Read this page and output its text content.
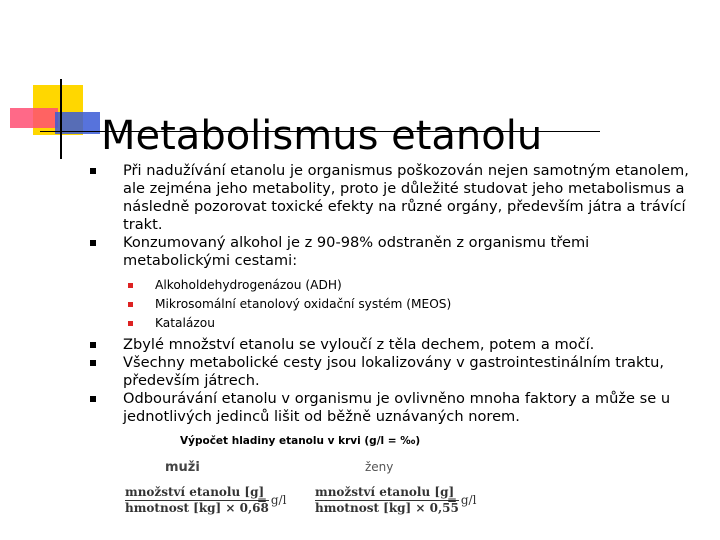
Metabolismus etanolu
Při nadužívání etanolu je organismus poškozován nejen samotným etanolem, ale zejména jeho metabolity, proto je důležité studovat jeho metabolismus a následně pozorovat toxické efekty na různé orgány, především játra a trávící trakt.
Konzumovaný alkohol je z 90-98% odstraněn z organismu třemi metabolickými cestami:
Alkoholdehydrogenázou (ADH)
Mikrosomální etanolový oxidační systém (MEOS)
Katalázou
Zbylé množství etanolu se vyloučí z těla dechem, potem a močí.
Všechny metabolické cesty jsou lokalizovány v gastrointestinálním traktu, především játrech.
Odbourávání etanolu v organismu je ovlivněno mnoha faktory a může se u jednotlivých jedinců lišit od běžně uznávaných norem.
Výpočet hladiny etanolu v krvi (g/l = ‰)
muži	ženy
množství etanolu [g]
hmotnost [kg] × 0,68
= g/l
množství etanolu [g]
hmotnost [kg] × 0,55
= g/l
